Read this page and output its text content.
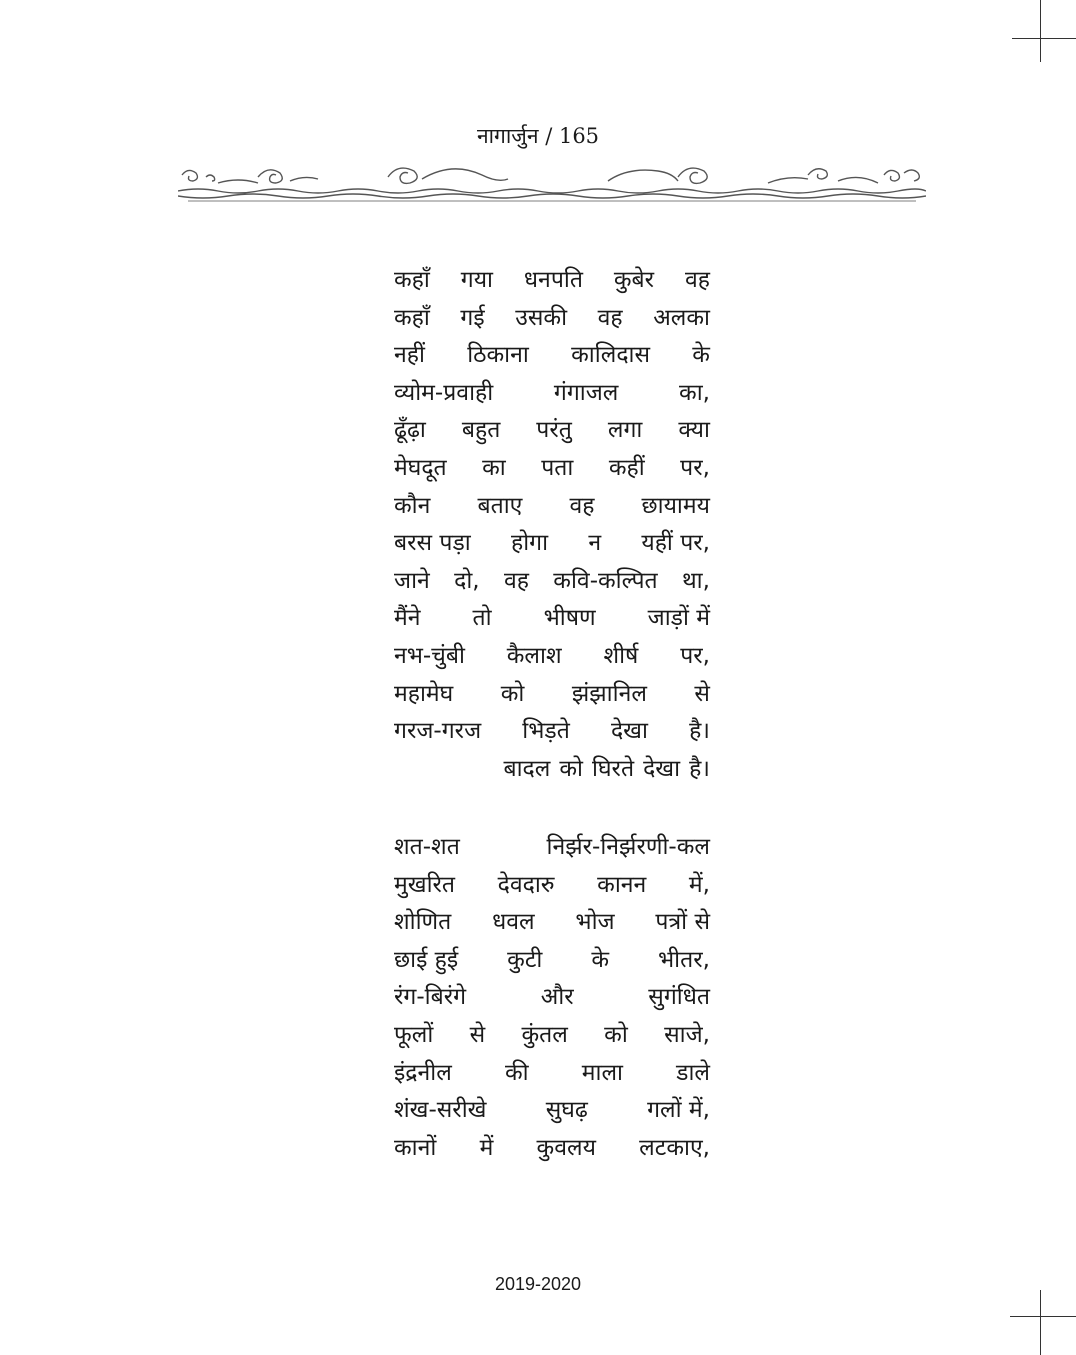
नागार्जुन / 165
कहाँ गया धनपति कुबेर वह
कहाँ गई उसकी वह अलका
नहीं ठिकाना कालिदास के
व्योम-प्रवाही	गंगाजल	का,
ढूँढ़ा बहुत परंतु लगा क्या
मेघदूत का पता कहीं पर,
कौन बताए वह छायामय
बरस पड़ा होगा न यहीं पर,
जाने दो, वह कवि-कल्पित था,
मैंने तो भीषण जाड़ों में
नभ-चुंबी कैलाश शीर्ष पर,
महामेघ को झंझानिल से
गरज-गरज भिड़ते देखा है।
बादल को घिरते देखा है।
शत-शत	निर्झर-निर्झरणी-कल
मुखरित देवदारु कानन में,
शोणित धवल भोज पत्रों से
छाई हुई कुटी के भीतर,
रंग-बिरंगे	और	सुगंधित
फूलों से कुंतल को साजे,
इंद्रनील की माला डाले
शंख-सरीखे	सुघढ़	गलों में,
कानों में कुवलय लटकाए,
2019-2020
